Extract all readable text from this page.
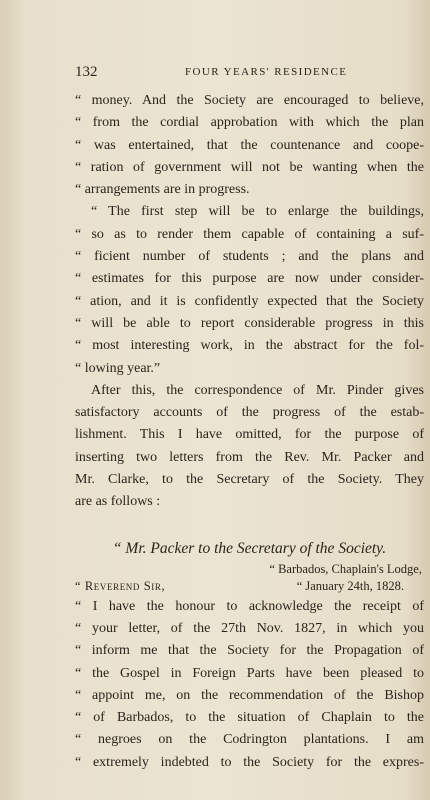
132	FOUR YEARS' RESIDENCE
“ money. And the Society are encouraged to believe,
“ from the cordial approbation with which the plan
“ was entertained, that the countenance and coope-
“ ration of government will not be wanting when the
“ arrangements are in progress.
“ The first step will be to enlarge the buildings,
“ so as to render them capable of containing a suf-
“ ficient number of students ; and the plans and
“ estimates for this purpose are now under consider-
“ ation, and it is confidently expected that the Society
“ will be able to report considerable progress in this
“ most interesting work, in the abstract for the fol-
“ lowing year.”
After this, the correspondence of Mr. Pinder gives
satisfactory accounts of the progress of the estab-
lishment. This I have omitted, for the purpose of
inserting two letters from the Rev. Mr. Packer and
Mr. Clarke, to the Secretary of the Society. They
are as follows :
“ Mr. Packer to the Secretary of the Society.
“ Barbados, Chaplain's Lodge,
“ January 24th, 1828.
“ Reverend Sir,
“ I have the honour to acknowledge the receipt of
“ your letter, of the 27th Nov. 1827, in which you
“ inform me that the Society for the Propagation of
“ the Gospel in Foreign Parts have been pleased to
“ appoint me, on the recommendation of the Bishop
“ of Barbados, to the situation of Chaplain to the
“ negroes on the Codrington plantations. I am
“ extremely indebted to the Society for the expres-
